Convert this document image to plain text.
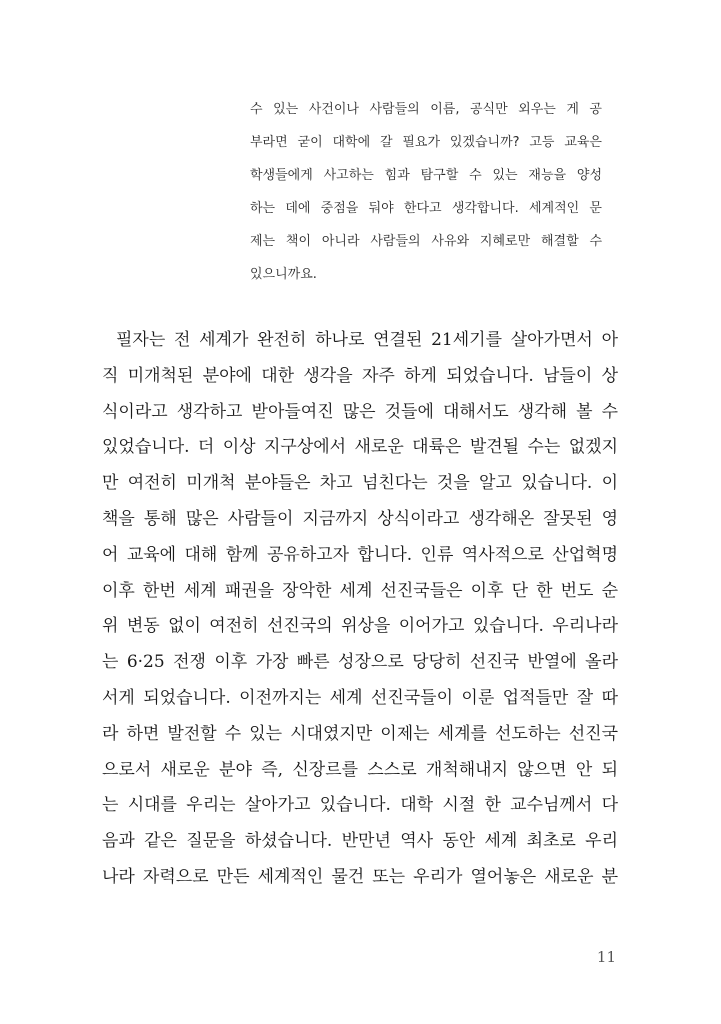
수 있는 사건이나 사람들의 이름, 공식만 외우는 게 공
부라면 굳이 대학에 갈 필요가 있겠습니까? 고등 교육은
학생들에게 사고하는 힘과 탐구할 수 있는 재능을 양성
하는 데에 중점을 둬야 한다고 생각합니다. 세계적인 문
제는 책이 아니라 사람들의 사유와 지혜로만 해결할 수
있으니까요.
필자는 전 세계가 완전히 하나로 연결된 21세기를 살아가면서 아
직 미개척된 분야에 대한 생각을 자주 하게 되었습니다. 남들이 상
식이라고 생각하고 받아들여진 많은 것들에 대해서도 생각해 볼 수
있었습니다. 더 이상 지구상에서 새로운 대륙은 발견될 수는 없겠지
만 여전히 미개척 분야들은 차고 넘친다는 것을 알고 있습니다. 이
책을 통해 많은 사람들이 지금까지 상식이라고 생각해온 잘못된 영
어 교육에 대해 함께 공유하고자 합니다. 인류 역사적으로 산업혁명
이후 한번 세계 패권을 장악한 세계 선진국들은 이후 단 한 번도 순
위 변동 없이 여전히 선진국의 위상을 이어가고 있습니다. 우리나라
는 6·25 전쟁 이후 가장 빠른 성장으로 당당히 선진국 반열에 올라
서게 되었습니다. 이전까지는 세계 선진국들이 이룬 업적들만 잘 따
라 하면 발전할 수 있는 시대였지만 이제는 세계를 선도하는 선진국
으로서 새로운 분야 즉, 신장르를 스스로 개척해내지 않으면 안 되
는 시대를 우리는 살아가고 있습니다. 대학 시절 한 교수님께서 다
음과 같은 질문을 하셨습니다. 반만년 역사 동안 세계 최초로 우리
나라 자력으로 만든 세계적인 물건 또는 우리가 열어놓은 새로운 분
11
